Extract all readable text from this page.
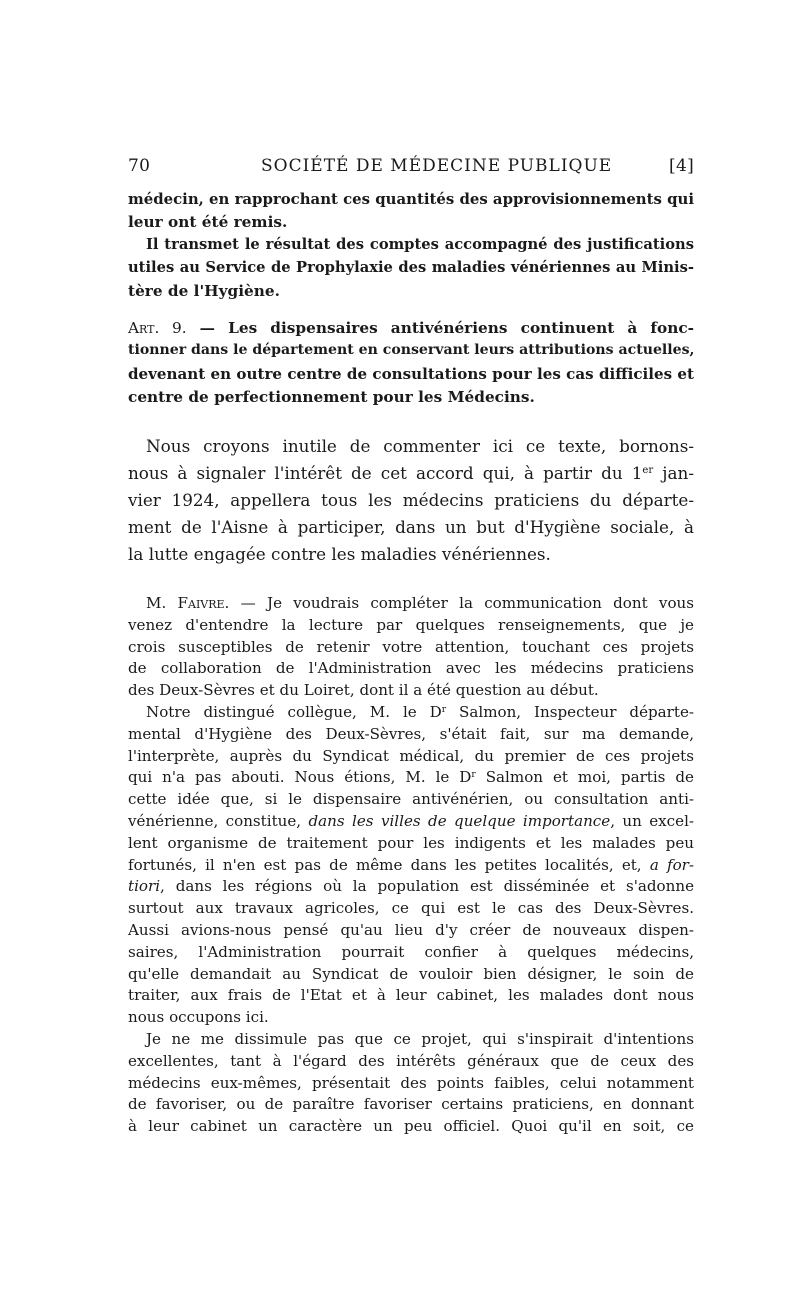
70	SOCIÉTÉ DE MÉDECINE PUBLIQUE	[4]
médecin, en rapprochant ces quantités des approvisionnements qui
leur ont été remis.
Il transmet le résultat des comptes accompagné des justifications
utiles au Service de Prophylaxie des maladies vénériennes au Minis-
tère de l'Hygiène.
Art. 9. — Les dispensaires antivénériens continuent à fonc-
tionner dans le département en conservant leurs attributions actuelles,
devenant en outre centre de consultations pour les cas difficiles et
centre de perfectionnement pour les Médecins.
Nous croyons inutile de commenter ici ce texte, bornons-
nous à signaler l'intérêt de cet accord qui, à partir du 1er jan-
vier 1924, appellera tous les médecins praticiens du départe-
ment de l'Aisne à participer, dans un but d'Hygiène sociale, à
la lutte engagée contre les maladies vénériennes.
M. Faivre. — Je voudrais compléter la communication dont vous
venez d'entendre la lecture par quelques renseignements, que je
crois susceptibles de retenir votre attention, touchant ces projets
de collaboration de l'Administration avec les médecins praticiens
des Deux-Sèvres et du Loiret, dont il a été question au début.
Notre distingué collègue, M. le $D^r$ Salmon, Inspecteur départe-
mental d'Hygiène des Deux-Sèvres, s'était fait, sur ma demande,
l'interprète, auprès du Syndicat médical, du premier de ces projets
qui n'a pas abouti. Nous étions, M. le $D^r$ Salmon et moi, partis de
cette idée que, si le dispensaire antivénérien, ou consultation anti-
vénérienne, constitue, dans les villes de quelque importance, un excel-
lent organisme de traitement pour les indigents et les malades peu
fortunés, il n'en est pas de même dans les petites localités, et, a for-
tiori, dans les régions où la population est disséminée et s'adonne
surtout aux travaux agricoles, ce qui est le cas des Deux-Sèvres.
Aussi avions-nous pensé qu'au lieu d'y créer de nouveaux dispen-
saires, l'Administration pourrait confier à quelques médecins,
qu'elle demandait au Syndicat de vouloir bien désigner, le soin de
traiter, aux frais de l'Etat et à leur cabinet, les malades dont nous
nous occupons ici.
Je ne me dissimule pas que ce projet, qui s'inspirait d'intentions
excellentes, tant à l'égard des intérêts généraux que de ceux des
médecins eux-mêmes, présentait des points faibles, celui notamment
de favoriser, ou de paraître favoriser certains praticiens, en donnant
à leur cabinet un caractère un peu officiel. Quoi qu'il en soit, ce
